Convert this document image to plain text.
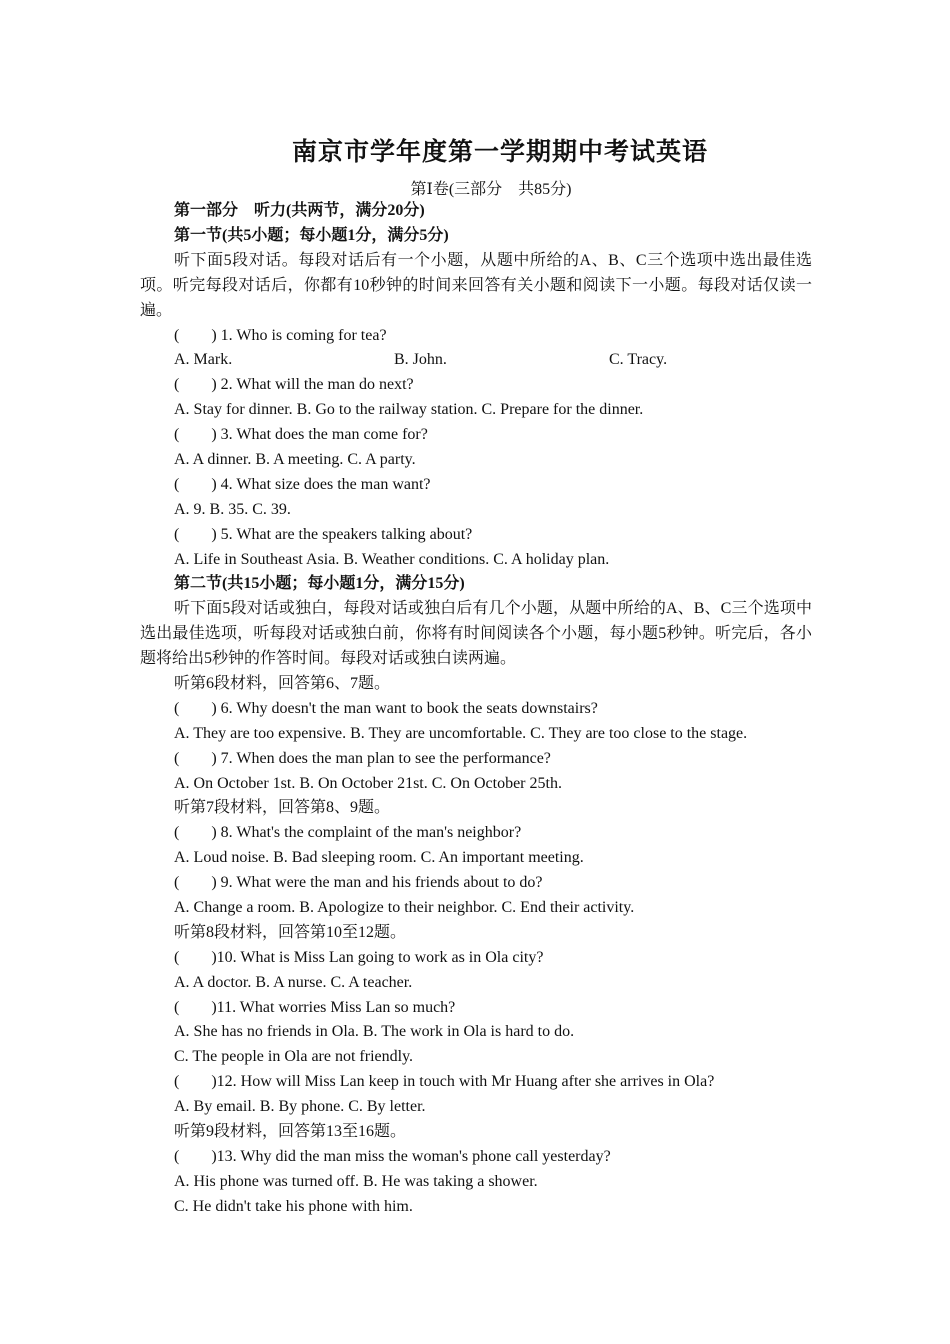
南京市学年度第一学期期中考试英语
第Ⅰ卷(三部分　共85分)
第一部分　听力(共两节，满分20分)
第一节(共5小题；每小题1分，满分5分)
听下面5段对话。每段对话后有一个小题，从题中所给的A、B、C三个选项中选出最佳选项。听完每段对话后，你都有10秒钟的时间来回答有关小题和阅读下一小题。每段对话仅读一遍。
(　　) 1. Who is coming for tea?
A. Mark.	B. John.	C. Tracy.
(　　) 2. What will the man do next?
A. Stay for dinner. B. Go to the railway station. C. Prepare for the dinner.
(　　) 3. What does the man come for?
A. A dinner. B. A meeting. C. A party.
(　　) 4. What size does the man want?
A. 9. B. 35. C. 39.
(　　) 5. What are the speakers talking about?
A. Life in Southeast Asia. B. Weather conditions. C. A holiday plan.
第二节(共15小题；每小题1分，满分15分)
听下面5段对话或独白，每段对话或独白后有几个小题，从题中所给的A、B、C三个选项中选出最佳选项，听每段对话或独白前，你将有时间阅读各个小题，每小题5秒钟。听完后，各小题将给出5秒钟的作答时间。每段对话或独白读两遍。
听第6段材料，回答第6、7题。
(　　) 6. Why doesn't the man want to book the seats downstairs?
A. They are too expensive. B. They are uncomfortable. C. They are too close to the stage.
(　　) 7. When does the man plan to see the performance?
A. On October 1st. B. On October 21st. C. On October 25th.
听第7段材料，回答第8、9题。
(　　) 8. What's the complaint of the man's neighbor?
A. Loud noise. B. Bad sleeping room. C. An important meeting.
(　　) 9. What were the man and his friends about to do?
A. Change a room. B. Apologize to their neighbor. C. End their activity.
听第8段材料，回答第10至12题。
(　　)10. What is Miss Lan going to work as in Ola city?
A. A doctor. B. A nurse. C. A teacher.
(　　)11. What worries Miss Lan so much?
A. She has no friends in Ola. B. The work in Ola is hard to do.
C. The people in Ola are not friendly.
(　　)12. How will Miss Lan keep in touch with Mr Huang after she arrives in Ola?
A. By email. B. By phone. C. By letter.
听第9段材料，回答第13至16题。
(　　)13. Why did the man miss the woman's phone call yesterday?
A. His phone was turned off. B. He was taking a shower.
C. He didn't take his phone with him.
